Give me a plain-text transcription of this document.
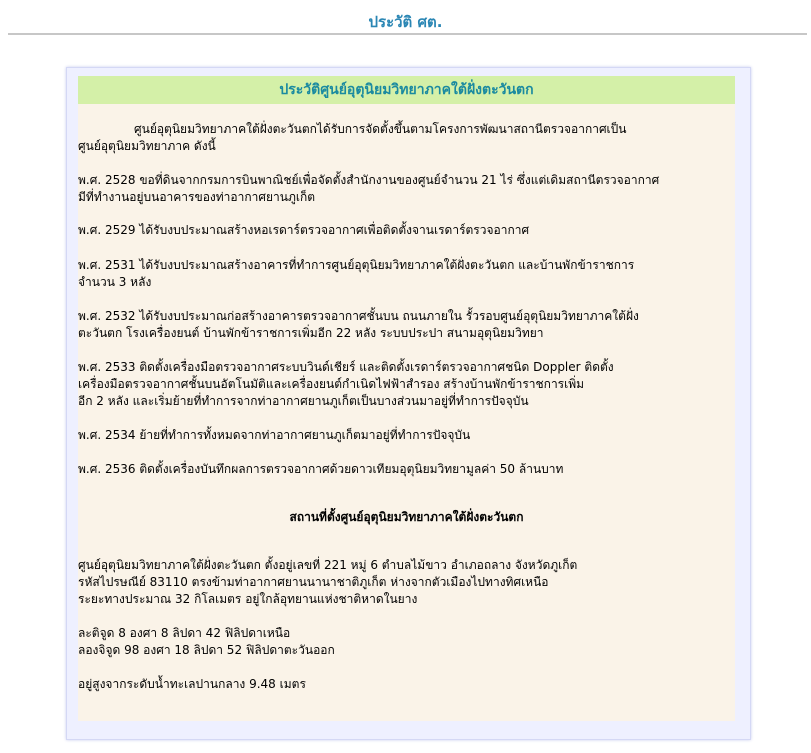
ประวัติ ศต.
ประวัติศูนย์อุตุนิยมวิทยาภาคใต้ฝั่งตะวันตก
ศูนย์อุตุนิยมวิทยาภาคใต้ฝั่งตะวันตกได้รับการจัดตั้งขึ้นตามโครงการพัฒนาสถานีตรวจอากาศเป็น
ศูนย์อุตุนิยมวิทยาภาค ดังนี้
พ.ศ. 2528 ขอที่ดินจากกรมการบินพาณิชย์เพื่อจัดตั้งสำนักงานของศูนย์จำนวน 21 ไร่ ซึ่งแต่เดิมสถานีตรวจอากาศ
มีที่ทำงานอยู่บนอาคารของท่าอากาศยานภูเก็ต
พ.ศ. 2529 ได้รับงบประมาณสร้างหอเรดาร์ตรวจอากาศเพื่อติดตั้งจานเรดาร์ตรวจอากาศ
พ.ศ. 2531 ได้รับงบประมาณสร้างอาคารที่ทำการศูนย์อุตุนิยมวิทยาภาคใต้ฝั่งตะวันตก และบ้านพักข้าราชการ
จำนวน 3 หลัง
พ.ศ. 2532 ได้รับงบประมาณก่อสร้างอาคารตรวจอากาศชั้นบน ถนนภายใน รั้วรอบศูนย์อุตุนิยมวิทยาภาคใต้ฝั่ง
ตะวันตก โรงเครื่องยนต์ บ้านพักข้าราชการเพิ่มอีก 22 หลัง ระบบประปา สนามอุตุนิยมวิทยา
พ.ศ. 2533 ติดตั้งเครื่องมือตรวจอากาศระบบวินด์เชียร์ และติดตั้งเรดาร์ตรวจอากาศชนิด Doppler ติดตั้ง
เครื่องมือตรวจอากาศชั้นบนอัตโนมัติและเครื่องยนต์กำเนิดไฟฟ้าสำรอง สร้างบ้านพักข้าราชการเพิ่ม
อีก 2 หลัง และเริ่มย้ายที่ทำการจากท่าอากาศยานภูเก็ตเป็นบางส่วนมาอยู่ที่ทำการปัจจุบัน
พ.ศ. 2534 ย้ายที่ทำการทั้งหมดจากท่าอากาศยานภูเก็ตมาอยู่ที่ทำการปัจจุบัน
พ.ศ. 2536 ติดตั้งเครื่องบันทึกผลการตรวจอากาศด้วยดาวเทียมอุตุนิยมวิทยามูลค่า 50 ล้านบาท
สถานที่ตั้งศูนย์อุตุนิยมวิทยาภาคใต้ฝั่งตะวันตก
ศูนย์อุตุนิยมวิทยาภาคใต้ฝั่งตะวันตก ตั้งอยู่เลขที่ 221 หมู่ 6 ตำบลไม้ขาว อำเภอถลาง จังหวัดภูเก็ต
รหัสไปรษณีย์ 83110 ตรงข้ามท่าอากาศยานนานาชาติภูเก็ต ห่างจากตัวเมืองไปทางทิศเหนือ
ระยะทางประมาณ 32 กิโลเมตร อยู่ใกล้อุทยานแห่งชาติหาดในยาง
ละติจูด 8 องศา 8 ลิปดา 42 ฟิลิปดาเหนือ
ลองจิจูด 98 องศา 18 ลิปดา 52 ฟิลิปดาตะวันออก
อยู่สูงจากระดับน้ำทะเลปานกลาง 9.48 เมตร
